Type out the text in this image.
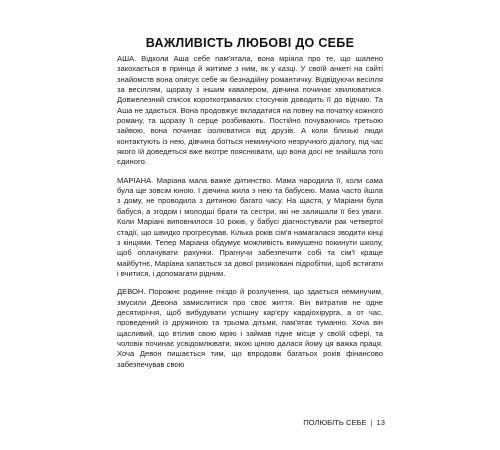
ВАЖЛИВІСТЬ ЛЮБОВІ ДО СЕБЕ

АША. Відколи Аша себе пам'ятала, вона мріяла про те, що шалено закохається в принца й житиме з ним, як у казці. У своїй анкеті на сайті знайомств вона описує себе як безнадійну романтичку. Відвідуючи весілля за весіллям, щоразу з іншим кавалером, дівчина починає хвилюватися. Довжелезний список короткотривалих стосунків доводить її до відчаю. Та Аша не здається. Вона продовжує вкладатися на повну на початку кожного роману, та щоразу її серце розбивають. Постійно почуваючись третьою зайвою, вона починає ізолюватися від друзів. А коли близькі люди контактують із нею, дівчина боїться неминучого незручного діалогу, під час якого їй доведеться вже вкотре пояснювати, що вона досі не знайшла того єдиного.

МАРІАНА. Маріана мала важке дитинство. Мама народила її, коли сама була ще зовсім юною. І дівчина жила з нею та бабусею. Мама часто йшла з дому, не проводила з дитиною багато часу. На щастя, у Маріани була бабуся, а згодом і молодші брати та сестри, які не залишали її без уваги. Коли Маріані виповнилося 10 років, у бабусі діагностували рак четвертої стадії, що швидко прогресував. Кілька років сім'я намагалася зводити кінці з кінцями. Тепер Маріана обдумує можливість вимушено покинути школу, щоб оплачувати рахунки. Прагнучи забезпечити собі та сім'ї краще майбутнє, Маріана хапається за дової ризиковані підробітки, щоб встигати і вчитися, і допомагати рідним.

ДЕВОН. Порожнє родинне гніздо й розлучення, що здається неминучим, змусили Девона замислитися про своє життя. Він витратив не одне десятиріччя, щоб вибудувати успішну кар'єру кардіохірурга, а от час, проведений із дружиною та трьома дітьми, пам'ятає туманно. Хоча він щасливий, що втілив свою мрію і займав гідне місце у своїй сфері, та чоловік починає усвідомлювати, якою ціною далася йому ця важка праця. Хоча Девон пишається тим, що впродовж багатьох років фінансово забезпечував свою

ПОЛЮБІТЬ СЕБЕ | 13
